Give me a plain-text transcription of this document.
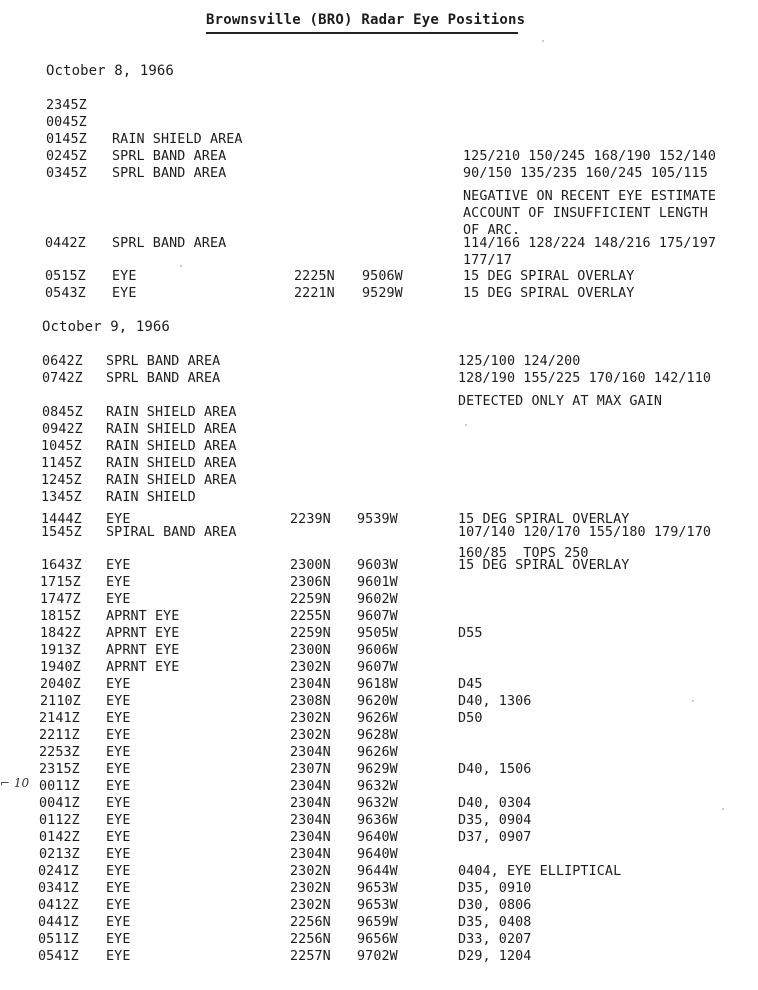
Brownsville (BRO) Radar Eye Positions
October 8, 1966
October 9, 1966
2345Z
0045Z
0145Z RAIN SHIELD AREA
0245Z SPRL BAND AREA	125/210 150/245 168/190 152/140
0345Z SPRL BAND AREA	90/150 135/235 160/245 105/115
NEGATIVE ON RECENT EYE ESTIMATE
ACCOUNT OF INSUFFICIENT LENGTH
OF ARC.
0442Z SPRL BAND AREA	114/166 128/224 148/216 175/197
177/17
0515Z EYE	2225N 9506W	15 DEG SPIRAL OVERLAY
0543Z EYE	2221N 9529W	15 DEG SPIRAL OVERLAY
0642Z SPRL BAND AREA	125/100 124/200
0742Z SPRL BAND AREA	128/190 155/225 170/160 142/110
DETECTED ONLY AT MAX GAIN
0845Z RAIN SHIELD AREA
0942Z RAIN SHIELD AREA
1045Z RAIN SHIELD AREA
1145Z RAIN SHIELD AREA
1245Z RAIN SHIELD AREA
1345Z RAIN SHIELD
1444Z EYE	2239N 9539W	15 DEG SPIRAL OVERLAY
1545Z SPIRAL BAND AREA	107/140 120/170 155/180 179/170
160/85  TOPS 250
1643Z EYE	2300N 9603W	15 DEG SPIRAL OVERLAY
1715Z EYE	2306N 9601W
1747Z EYE	2259N 9602W
1815Z APRNT EYE	2255N 9607W
1842Z APRNT EYE	2259N 9505W	D55
1913Z APRNT EYE	2300N 9606W
1940Z APRNT EYE	2302N 9607W
2040Z EYE	2304N 9618W	D45
2110Z EYE	2308N 9620W	D40, 1306
2141Z EYE	2302N 9626W	D50
2211Z EYE	2302N 9628W
2253Z EYE	2304N 9626W
2315Z EYE	2307N 9629W	D40, 1506
0011Z EYE	2304N 9632W
0041Z EYE	2304N 9632W	D40, 0304
0112Z EYE	2304N 9636W	D35, 0904
0142Z EYE	2304N 9640W	D37, 0907
0213Z EYE	2304N 9640W
0241Z EYE	2302N 9644W	0404, EYE ELLIPTICAL
0341Z EYE	2302N 9653W	D35, 0910
0412Z EYE	2302N 9653W	D30, 0806
0441Z EYE	2256N 9659W	D35, 0408
0511Z EYE	2256N 9656W	D33, 0207
0541Z EYE	2257N 9702W	D29, 1204
⌐ 10
